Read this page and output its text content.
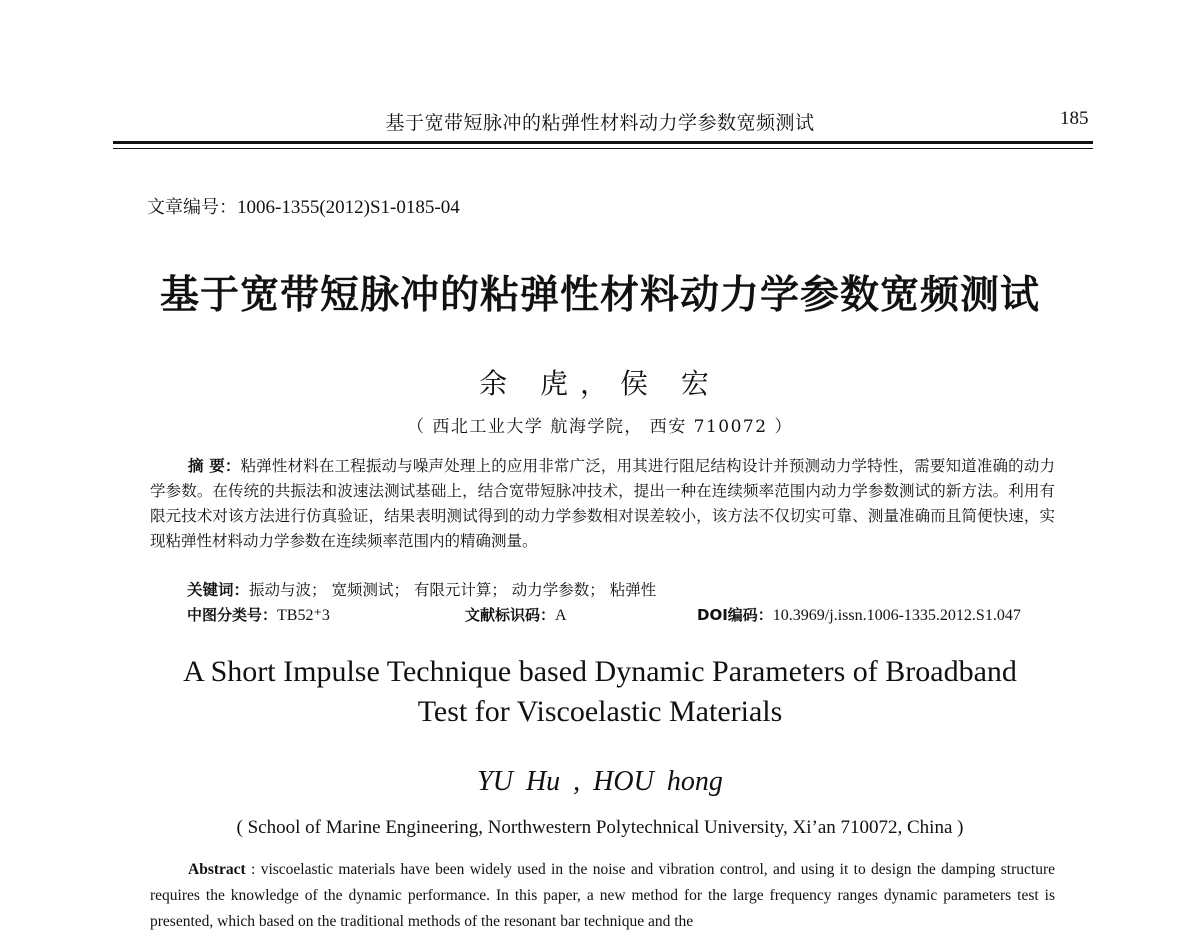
基于宽带短脉冲的粘弹性材料动力学参数宽频测试	185
文章编号：1006-1355(2012)S1-0185-04
基于宽带短脉冲的粘弹性材料动力学参数宽频测试
余 虎，侯 宏
（ 西北工业大学 航海学院， 西安 710072 ）
摘 要：粘弹性材料在工程振动与噪声处理上的应用非常广泛，用其进行阻尼结构设计并预测动力学特性，需要知道准确的动力学参数。在传统的共振法和波速法测试基础上，结合宽带短脉冲技术，提出一种在连续频率范围内动力学参数测试的新方法。利用有限元技术对该方法进行仿真验证，结果表明测试得到的动力学参数相对误差较小，该方法不仅切实可靠、测量准确而且简便快速，实现粘弹性材料动力学参数在连续频率范围内的精确测量。
关键词：振动与波； 宽频测试； 有限元计算； 动力学参数； 粘弹性
中图分类号：TB52⁺3	文献标识码：A	DOI编码：10.3969/j.issn.1006-1335.2012.S1.047
A Short Impulse Technique based Dynamic Parameters of Broadband
Test for Viscoelastic Materials
YU Hu , HOU hong
( School of Marine Engineering, Northwestern Polytechnical University, Xi’an 710072, China )
Abstract : viscoelastic materials have been widely used in the noise and vibration control, and using it to design the damping structure requires the knowledge of the dynamic performance. In this paper, a new method for the large frequency ranges dynamic parameters test is presented, which based on the traditional methods of the resonant bar technique and the
